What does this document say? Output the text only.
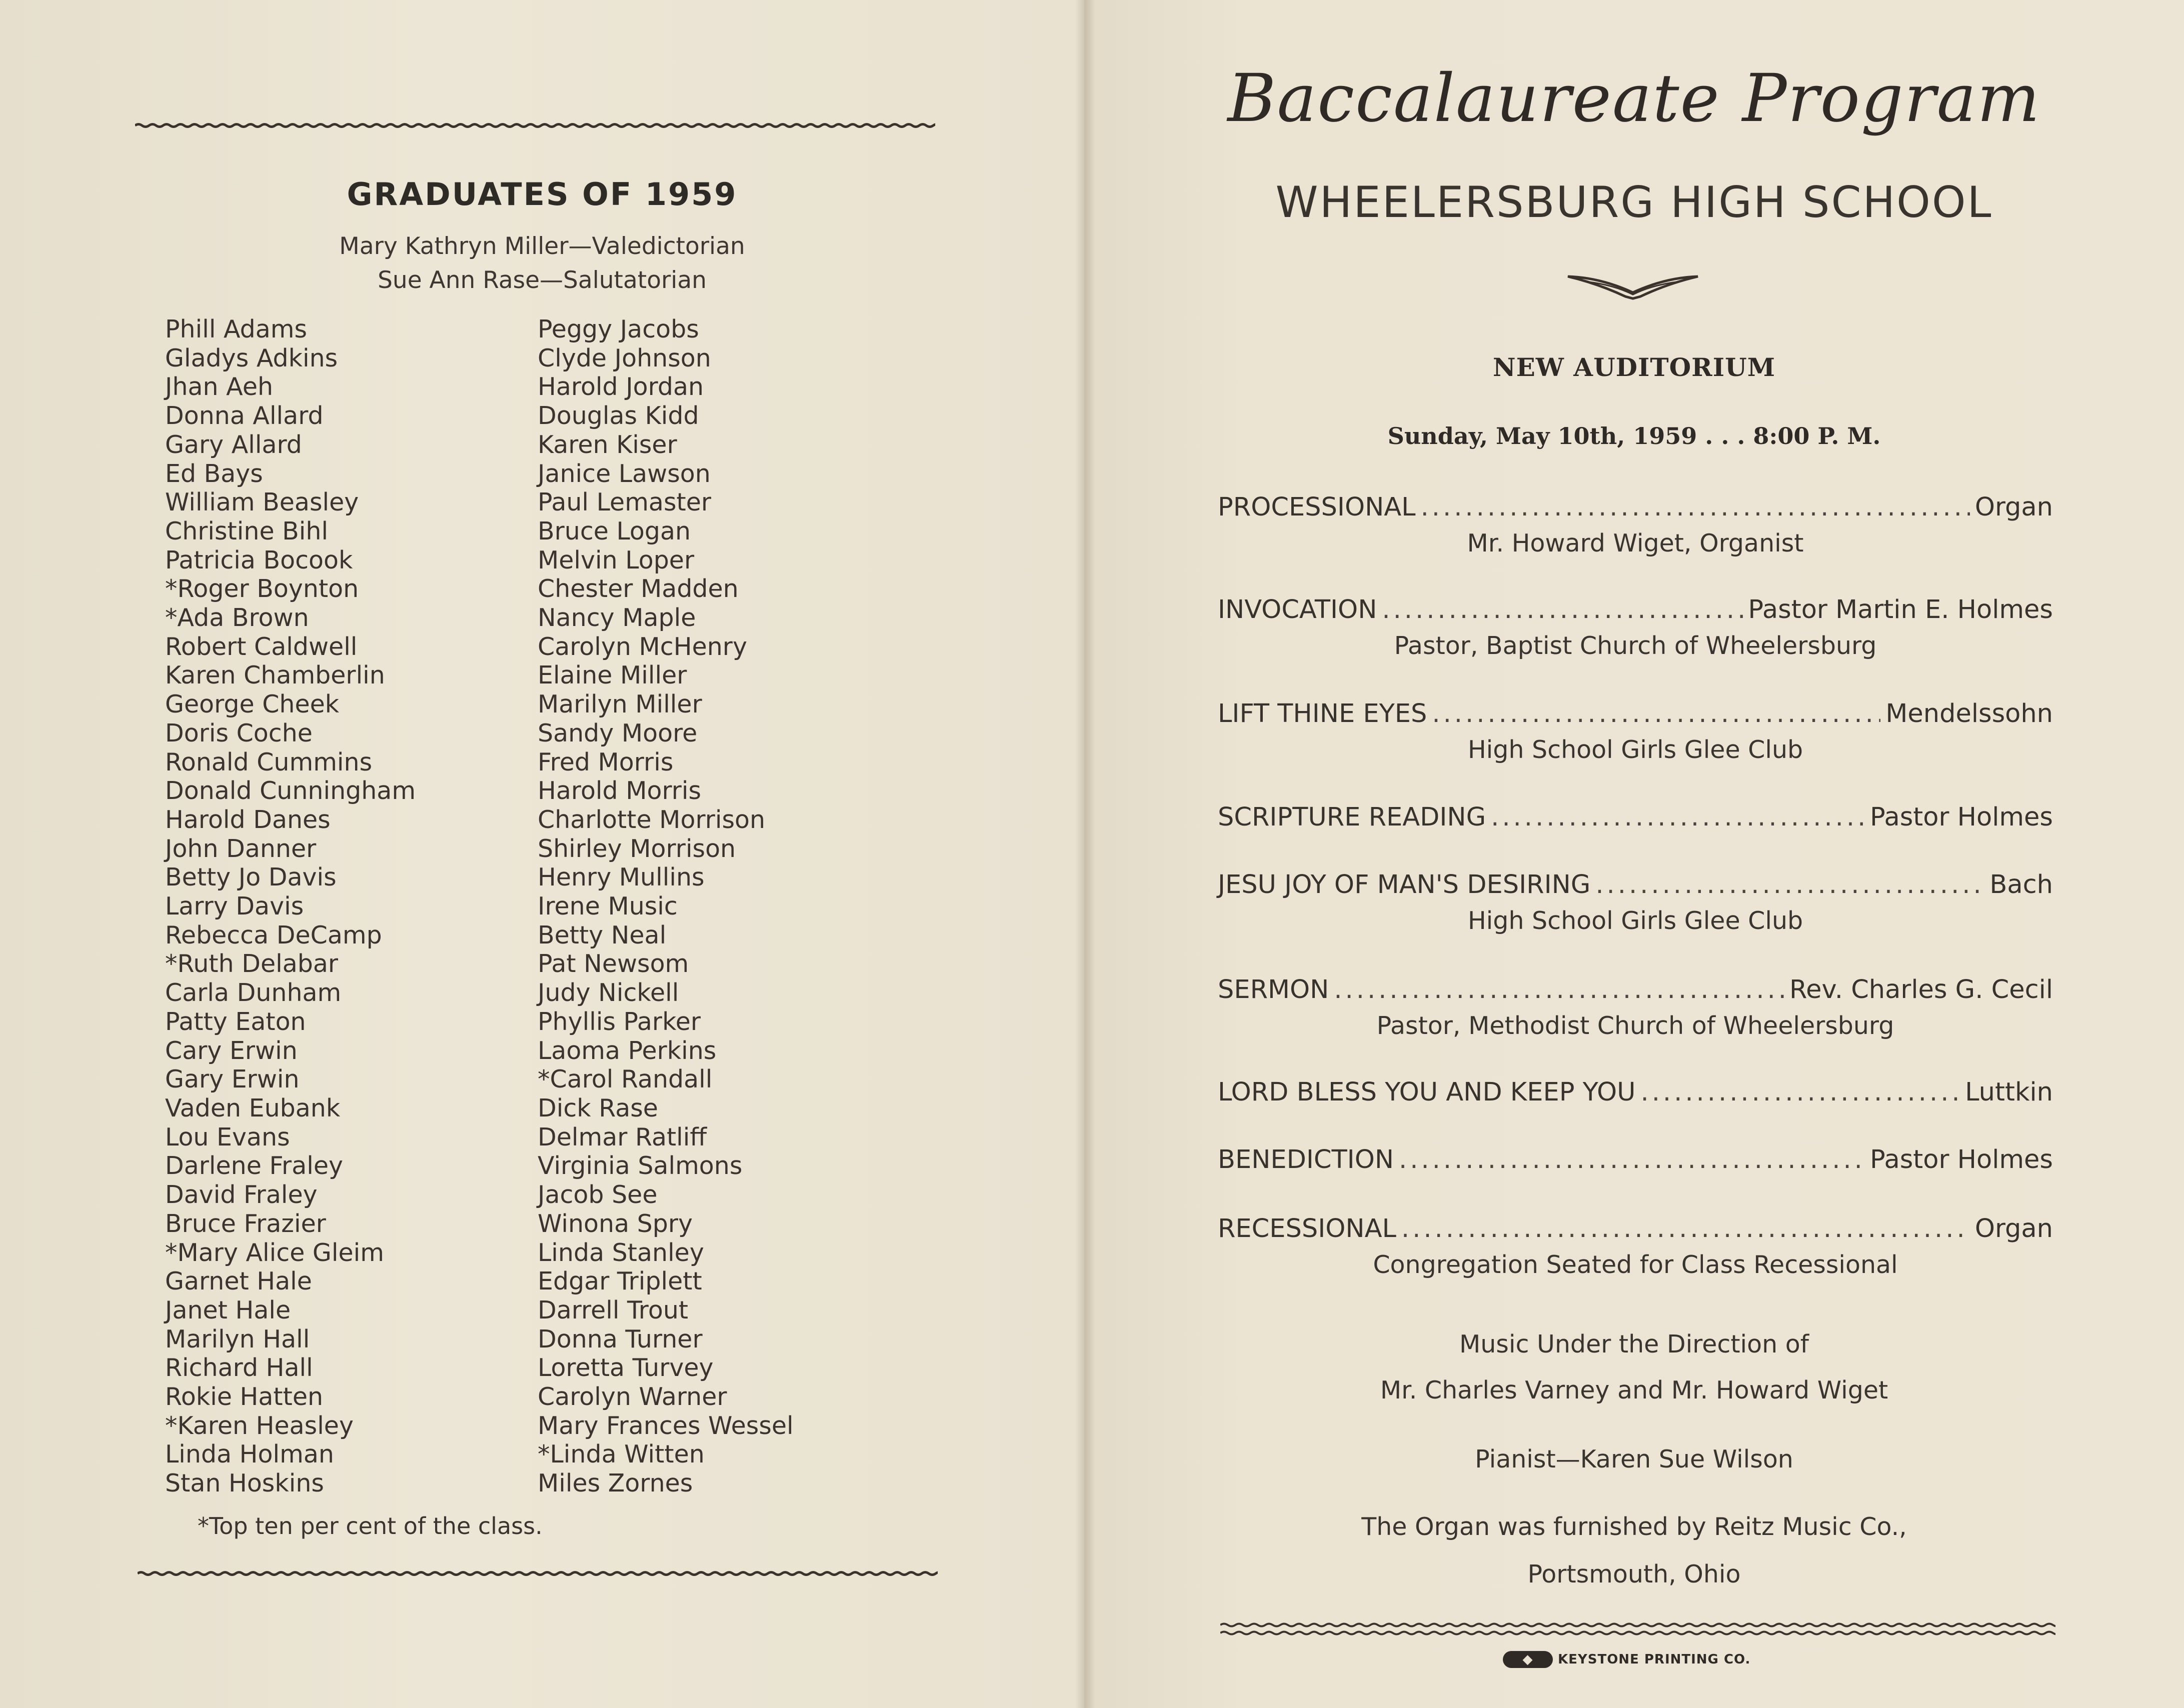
GRADUATES OF 1959
Mary Kathryn Miller—Valedictorian
Sue Ann Rase—Salutatorian
Phill Adams
Gladys Adkins
Jhan Aeh
Donna Allard
Gary Allard
Ed Bays
William Beasley
Christine Bihl
Patricia Bocook
*Roger Boynton
*Ada Brown
Robert Caldwell
Karen Chamberlin
George Cheek
Doris Coche
Ronald Cummins
Donald Cunningham
Harold Danes
John Danner
Betty Jo Davis
Larry Davis
Rebecca DeCamp
*Ruth Delabar
Carla Dunham
Patty Eaton
Cary Erwin
Gary Erwin
Vaden Eubank
Lou Evans
Darlene Fraley
David Fraley
Bruce Frazier
*Mary Alice Gleim
Garnet Hale
Janet Hale
Marilyn Hall
Richard Hall
Rokie Hatten
*Karen Heasley
Linda Holman
Stan Hoskins
Peggy Jacobs
Clyde Johnson
Harold Jordan
Douglas Kidd
Karen Kiser
Janice Lawson
Paul Lemaster
Bruce Logan
Melvin Loper
Chester Madden
Nancy Maple
Carolyn McHenry
Elaine Miller
Marilyn Miller
Sandy Moore
Fred Morris
Harold Morris
Charlotte Morrison
Shirley Morrison
Henry Mullins
Irene Music
Betty Neal
Pat Newsom
Judy Nickell
Phyllis Parker
Laoma Perkins
*Carol Randall
Dick Rase
Delmar Ratliff
Virginia Salmons
Jacob See
Winona Spry
Linda Stanley
Edgar Triplett
Darrell Trout
Donna Turner
Loretta Turvey
Carolyn Warner
Mary Frances Wessel
*Linda Witten
Miles Zornes
*Top ten per cent of the class.
Baccalaureate Program
WHEELERSBURG HIGH SCHOOL
NEW AUDITORIUM
Sunday, May 10th, 1959 . . . 8:00 P. M.
PROCESSIONAL .....	Organ
Mr. Howard Wiget, Organist
INVOCATION .....	Pastor Martin E. Holmes
Pastor, Baptist Church of Wheelersburg
LIFT THINE EYES .....	Mendelssohn
High School Girls Glee Club
SCRIPTURE READING .....	Pastor Holmes
JESU JOY OF MAN'S DESIRING .....	Bach
High School Girls Glee Club
SERMON .....	Rev. Charles G. Cecil
Pastor, Methodist Church of Wheelersburg
LORD BLESS YOU AND KEEP YOU .....	Luttkin
BENEDICTION .....	Pastor Holmes
RECESSIONAL .....	Organ
Congregation Seated for Class Recessional
Music Under the Direction of
Mr. Charles Varney and Mr. Howard Wiget
Pianist—Karen Sue Wilson
The Organ was furnished by Reitz Music Co.,
Portsmouth, Ohio
◆	KEYSTONE PRINTING CO.
